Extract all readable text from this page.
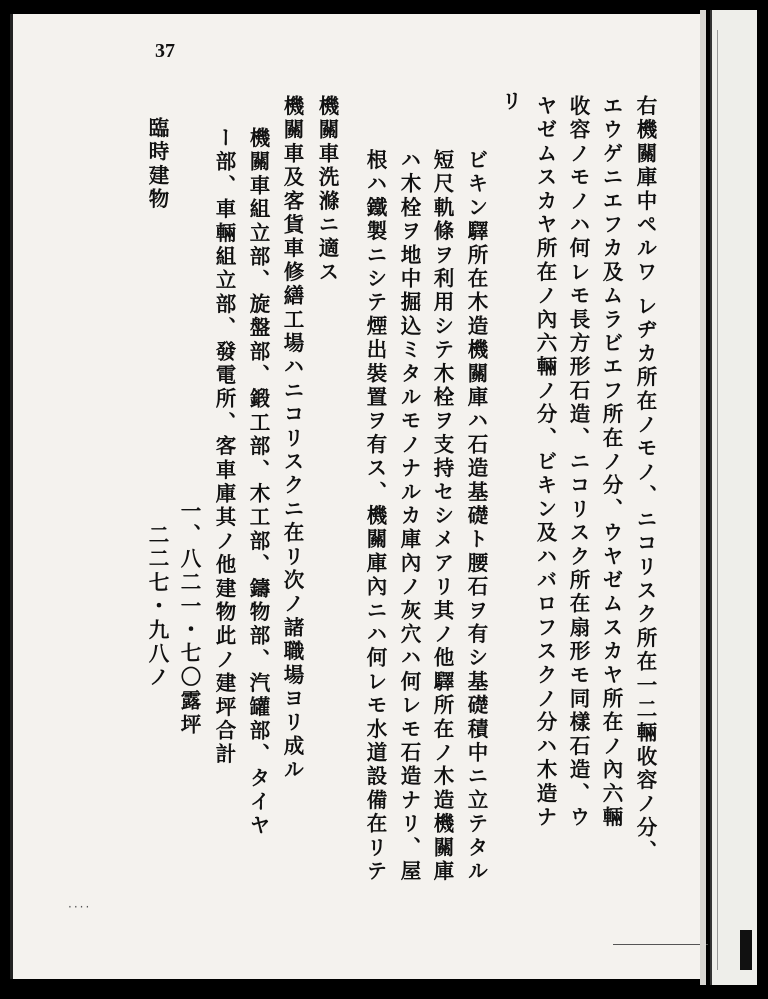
37
右機關庫中ペルワ レヂカ所在ノモノ、ニコリスク所在一二輛收容ノ分、
エウゲニエフカ及ムラビエフ所在ノ分、ウヤゼムスカヤ所在ノ內六輛
收容ノモノハ何レモ長方形石造、ニコリスク所在扇形モ同樣石造、ウ
ヤゼムスカヤ所在ノ內六輛ノ分、ビキン及ハバロフスクノ分ハ木造ナ
リ
ビキン驛所在木造機關庫ハ石造基礎ト腰石ヲ有シ基礎積中ニ立テタル
短尺軌條ヲ利用シテ木栓ヲ支持セシメアリ其ノ他驛所在ノ木造機關庫
ハ木栓ヲ地中掘込ミタルモノナルカ庫內ノ灰穴ハ何レモ石造ナリ、屋
根ハ鐵製ニシテ煙出裝置ヲ有ス、機關庫內ニハ何レモ水道設備在リテ
機關車洗滌ニ適ス
機關車及客貨車修繕工場ハニコリスクニ在リ次ノ諸職場ヨリ成ル
機關車組立部、旋盤部、鍛工部、木工部、鑄物部、汽罐部、タイヤ
ー部、車輛組立部、發電所、客車庫其ノ他建物此ノ建坪合計
一、八二一・七〇露坪
二二七・九八ノ
臨時建物
····
